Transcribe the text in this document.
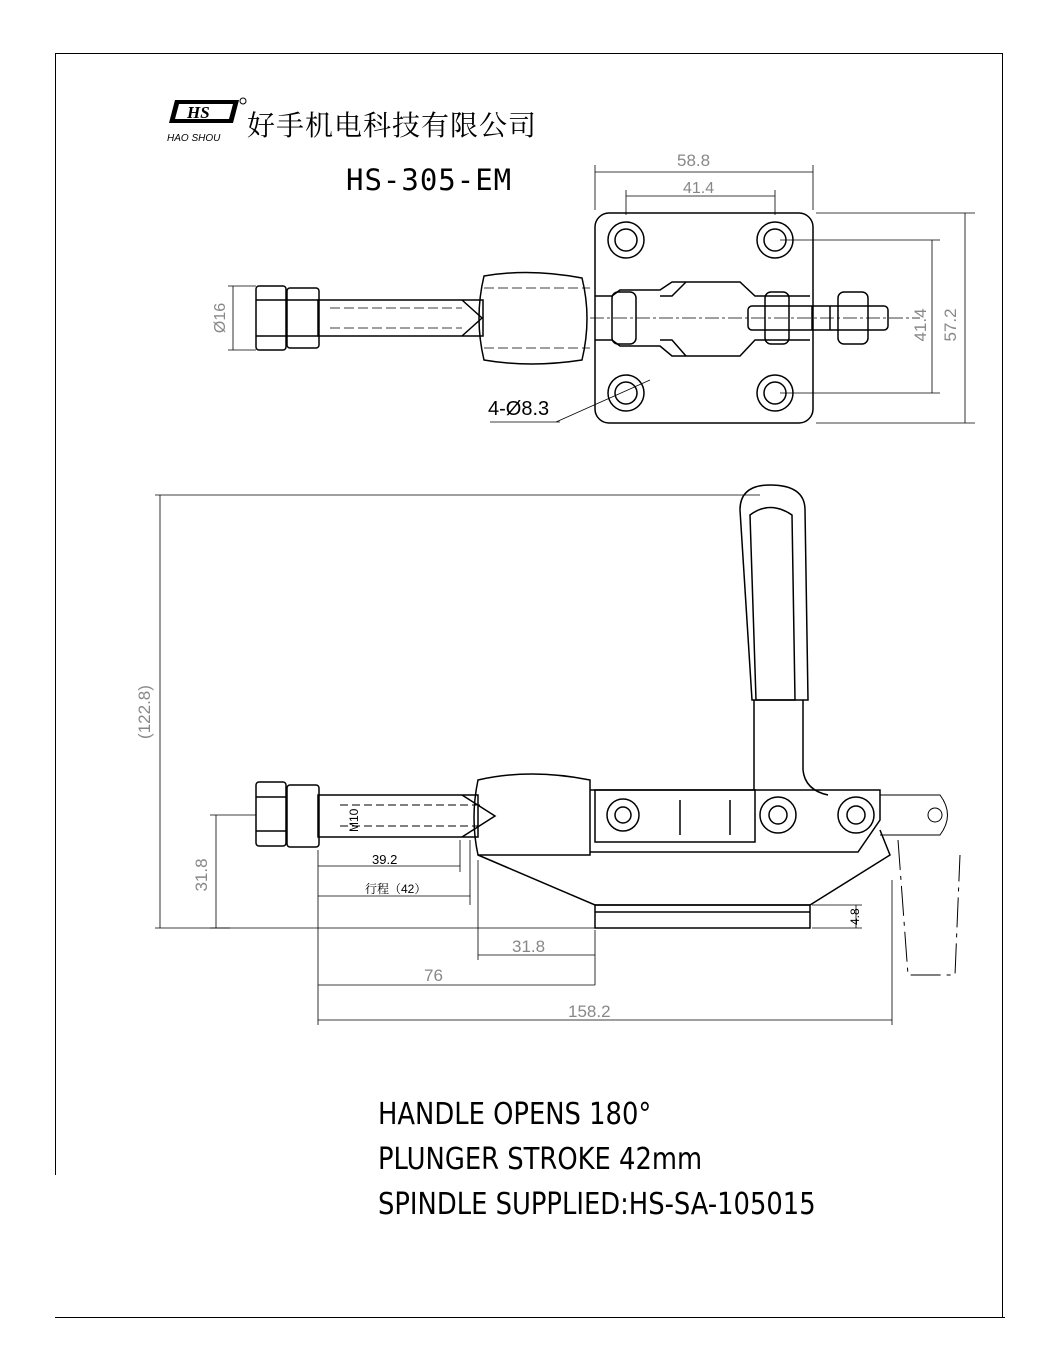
HS
HAO SHOU 好手机电科技有限公司
HS-305-EM
58.8
41.4
57.2
41.4
Ø16
4-Ø8.3
M10
(122.8)
31.8	39.2
行程（42）
4.8
31.8
76
158.2
HANDLE OPENS 180°
PLUNGER STROKE 42mm
SPINDLE SUPPLIED:HS-SA-105015
